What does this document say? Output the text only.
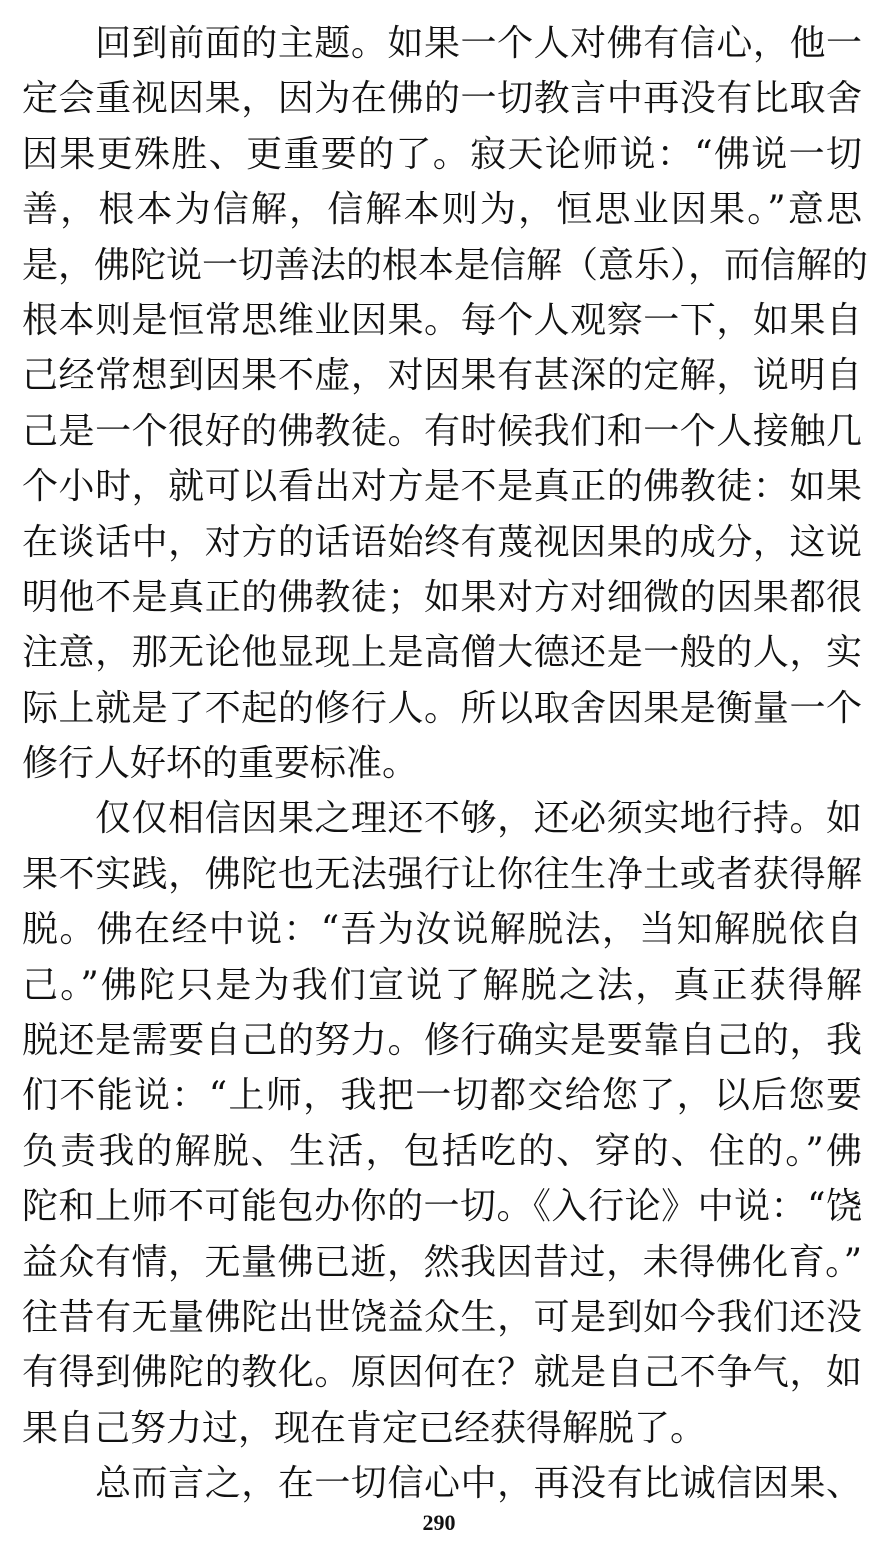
　　回到前面的主题。如果一个人对佛有信心，他一
定会重视因果，因为在佛的一切教言中再没有比取舍
因果更殊胜、更重要的了。寂天论师说：“佛说一切
善，根本为信解，信解本则为，恒思业因果。”意思
是，佛陀说一切善法的根本是信解（意乐），而信解的
根本则是恒常思维业因果。每个人观察一下，如果自
己经常想到因果不虚，对因果有甚深的定解，说明自
己是一个很好的佛教徒。有时候我们和一个人接触几
个小时，就可以看出对方是不是真正的佛教徒：如果
在谈话中，对方的话语始终有蔑视因果的成分，这说
明他不是真正的佛教徒；如果对方对细微的因果都很
注意，那无论他显现上是高僧大德还是一般的人，实
际上就是了不起的修行人。所以取舍因果是衡量一个
修行人好坏的重要标准。
　　仅仅相信因果之理还不够，还必须实地行持。如
果不实践，佛陀也无法强行让你往生净土或者获得解
脱。佛在经中说：“吾为汝说解脱法，当知解脱依自
己。”佛陀只是为我们宣说了解脱之法，真正获得解
脱还是需要自己的努力。修行确实是要靠自己的，我
们不能说：“上师，我把一切都交给您了，以后您要
负责我的解脱、生活，包括吃的、穿的、住的。”佛
陀和上师不可能包办你的一切。《入行论》中说：“饶
益众有情，无量佛已逝，然我因昔过，未得佛化育。”
往昔有无量佛陀出世饶益众生，可是到如今我们还没
有得到佛陀的教化。原因何在？就是自己不争气，如
果自己努力过，现在肯定已经获得解脱了。
　　总而言之，在一切信心中，再没有比诚信因果、
290
